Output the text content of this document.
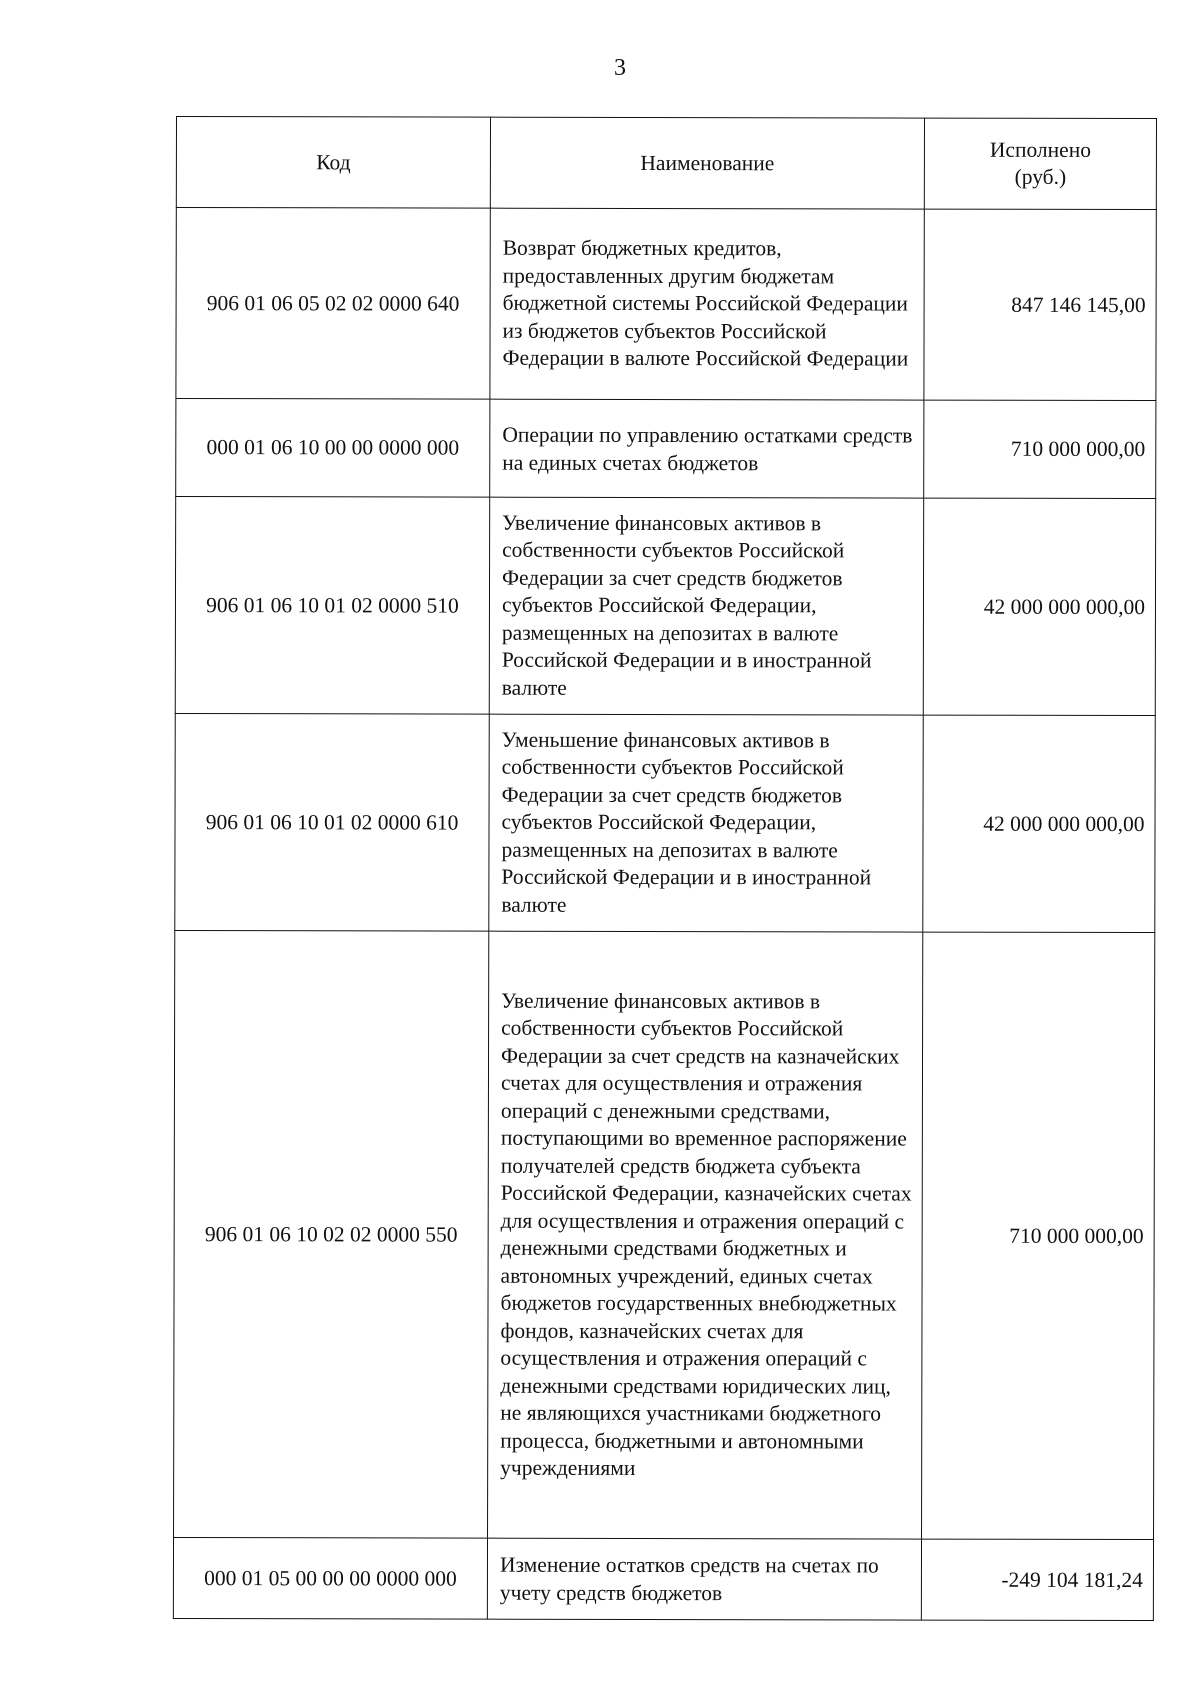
3
Код	Наименование	Исполнено (руб.)
906 01 06 05 02 02 0000 640	Возврат бюджетных кредитов, предоставленных другим бюджетам бюджетной системы Российской Федерации из бюджетов субъектов Российской Федерации в валюте Российской Федерации	847 146 145,00
000 01 06 10 00 00 0000 000	Операции по управлению остатками средств на единых счетах бюджетов	710 000 000,00
906 01 06 10 01 02 0000 510	Увеличение финансовых активов в собственности субъектов Российской Федерации за счет средств бюджетов субъектов Российской Федерации, размещенных на депозитах в валюте Российской Федерации и в иностранной валюте	42 000 000 000,00
906 01 06 10 01 02 0000 610	Уменьшение финансовых активов в собственности субъектов Российской Федерации за счет средств бюджетов субъектов Российской Федерации, размещенных на депозитах в валюте Российской Федерации и в иностранной валюте	42 000 000 000,00
906 01 06 10 02 02 0000 550	Увеличение финансовых активов в собственности субъектов Российской Федерации за счет средств на казначейских счетах для осуществления и отражения операций с денежными средствами, поступающими во временное распоряжение получателей средств бюджета субъекта Российской Федерации, казначейских счетах для осуществления и отражения операций с денежными средствами бюджетных и автономных учреждений, единых счетах бюджетов государственных внебюджетных фондов, казначейских счетах для осуществления и отражения операций с денежными средствами юридических лиц, не являющихся участниками бюджетного процесса, бюджетными и автономными учреждениями	710 000 000,00
000 01 05 00 00 00 0000 000	Изменение остатков средств на счетах по учету средств бюджетов	-249 104 181,24
